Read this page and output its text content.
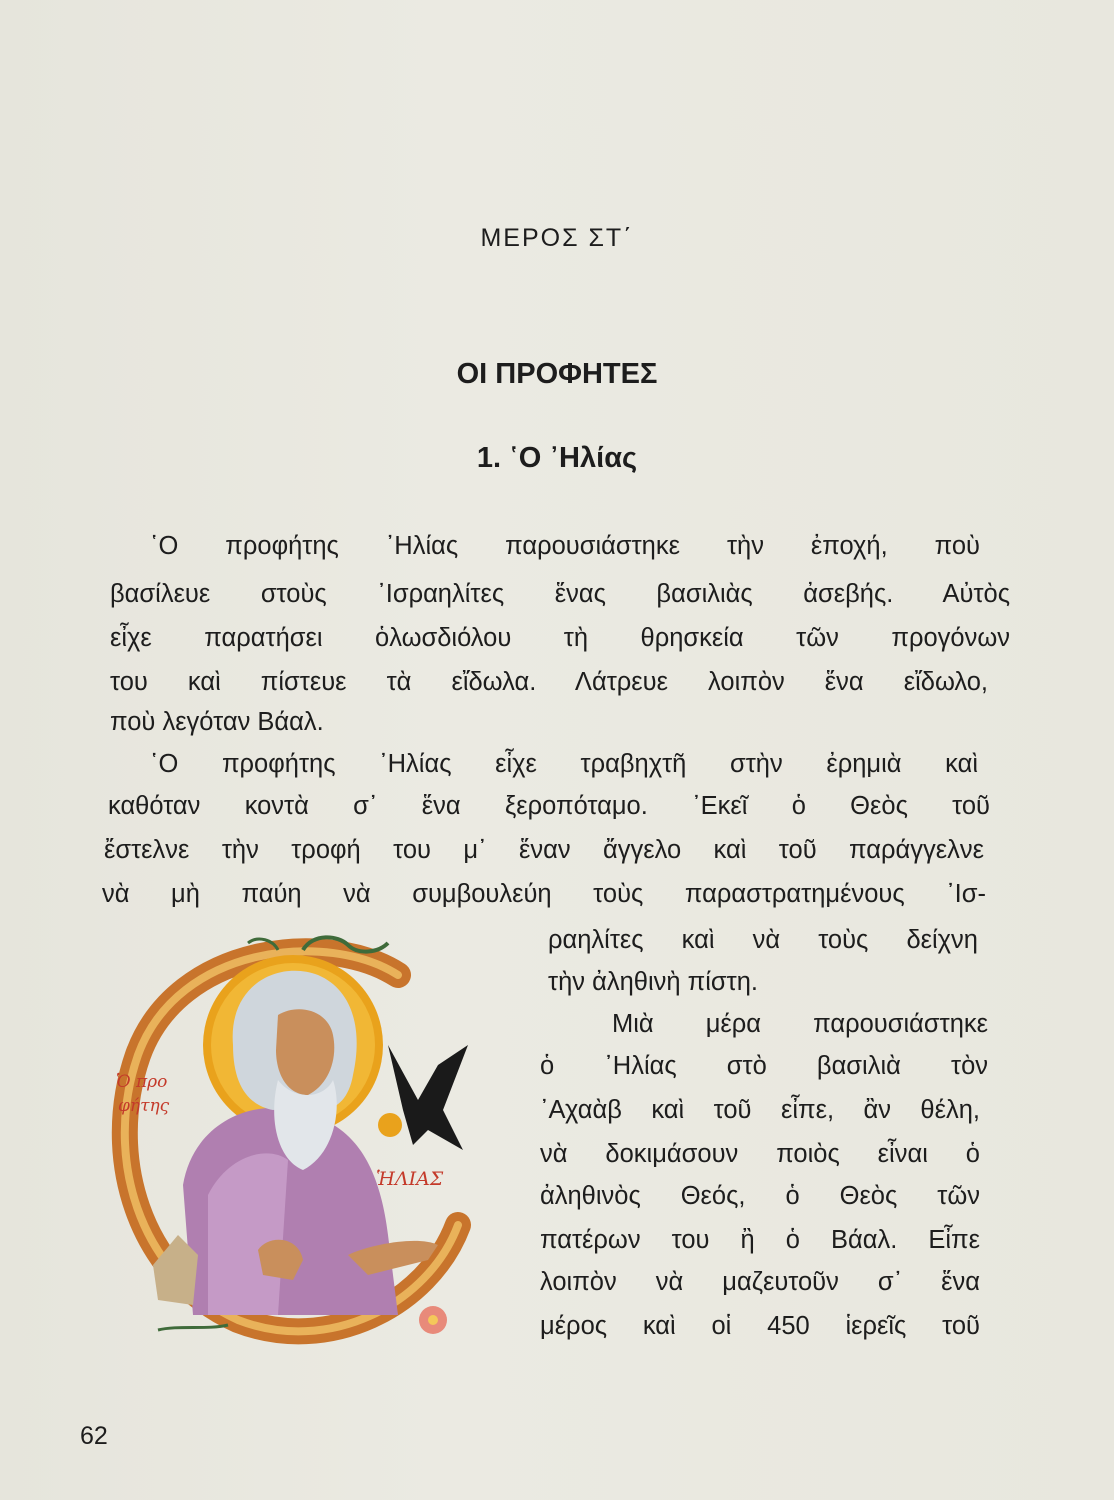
ΜΕΡΟΣ ΣΤ΄
ΟΙ ΠΡΟΦΗΤΕΣ
1. ῾Ο ᾿Ηλίας
῾Ο προφήτης ᾿Ηλίας παρουσιάστηκε τὴν ἐποχή, ποὺ
βασίλευε στοὺς ᾿Ισραηλίτες ἕνας βασιλιὰς ἀσεβής. Αὐτὸς
εἶχε παρατήσει ὁλωσδιόλου τὴ θρησκεία τῶν προγόνων
του καὶ πίστευε τὰ εἴδωλα. Λάτρευε λοιπὸν ἕνα εἴδωλο,
ποὺ λεγόταν Βάαλ.
῾Ο προφήτης ᾿Ηλίας εἶχε τραβηχτῆ στὴν ἐρημιὰ καὶ
καθόταν κοντὰ σ᾽ ἕνα ξεροπόταμο. ᾿Εκεῖ ὁ Θεὸς τοῦ
ἔστελνε τὴν τροφή του μ᾽ ἕναν ἄγγελο καὶ τοῦ παράγγελνε
νὰ μὴ παύη νὰ συμβουλεύη τοὺς παραστρατημένους ᾿Ισ-
ραηλίτες καὶ νὰ τοὺς δείχνη
τὴν ἀληθινὴ πίστη.
Μιὰ μέρα παρουσιάστηκε
ὁ ᾿Ηλίας στὸ βασιλιὰ τὸν
᾿Αχαὰβ καὶ τοῦ εἶπε, ἂν θέλη,
νὰ δοκιμάσουν ποιὸς εἶναι ὁ
ἀληθινὸς Θεός, ὁ Θεὸς τῶν
πατέρων του ἢ ὁ Βάαλ. Εἶπε
λοιπὸν νὰ μαζευτοῦν σ᾽ ἕνα
μέρος καὶ οἱ 450 ἱερεῖς τοῦ
Ὁ προ
φήτης
ἩΛΙΑΣ
62
